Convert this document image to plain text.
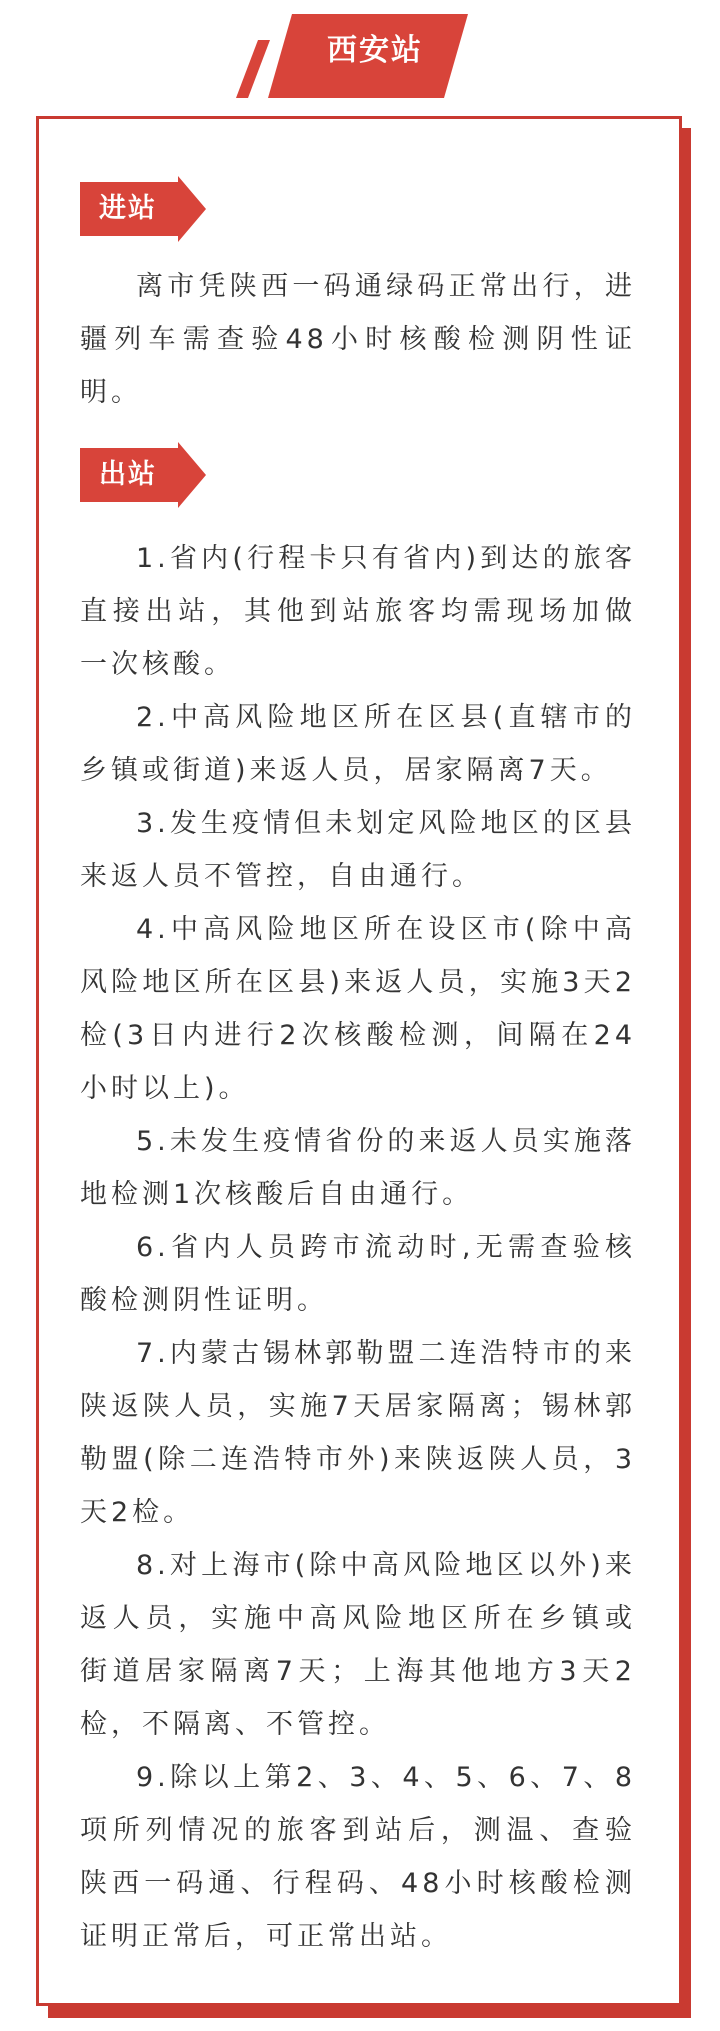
西安站
进站

离市凭陕西一码通绿码正常出行，进疆列车需查验48小时核酸检测阴性证明。

出站

1.省内(行程卡只有省内)到达的旅客直接出站，其他到站旅客均需现场加做一次核酸。

2.中高风险地区所在区县(直辖市的乡镇或街道)来返人员，居家隔离7天。

3.发生疫情但未划定风险地区的区县来返人员不管控，自由通行。

4.中高风险地区所在设区市(除中高风险地区所在区县)来返人员，实施3天2检(3日内进行2次核酸检测，间隔在24小时以上)。

5.未发生疫情省份的来返人员实施落地检测1次核酸后自由通行。

6.省内人员跨市流动时,无需查验核酸检测阴性证明。

7.内蒙古锡林郭勒盟二连浩特市的来陕返陕人员，实施7天居家隔离；锡林郭勒盟(除二连浩特市外)来陕返陕人员，3天2检。

8.对上海市(除中高风险地区以外)来返人员，实施中高风险地区所在乡镇或街道居家隔离7天；上海其他地方3天2检，不隔离、不管控。

9.除以上第2、3、4、5、6、7、8项所列情况的旅客到站后，测温、查验陕西一码通、行程码、48小时核酸检测证明正常后，可正常出站。
